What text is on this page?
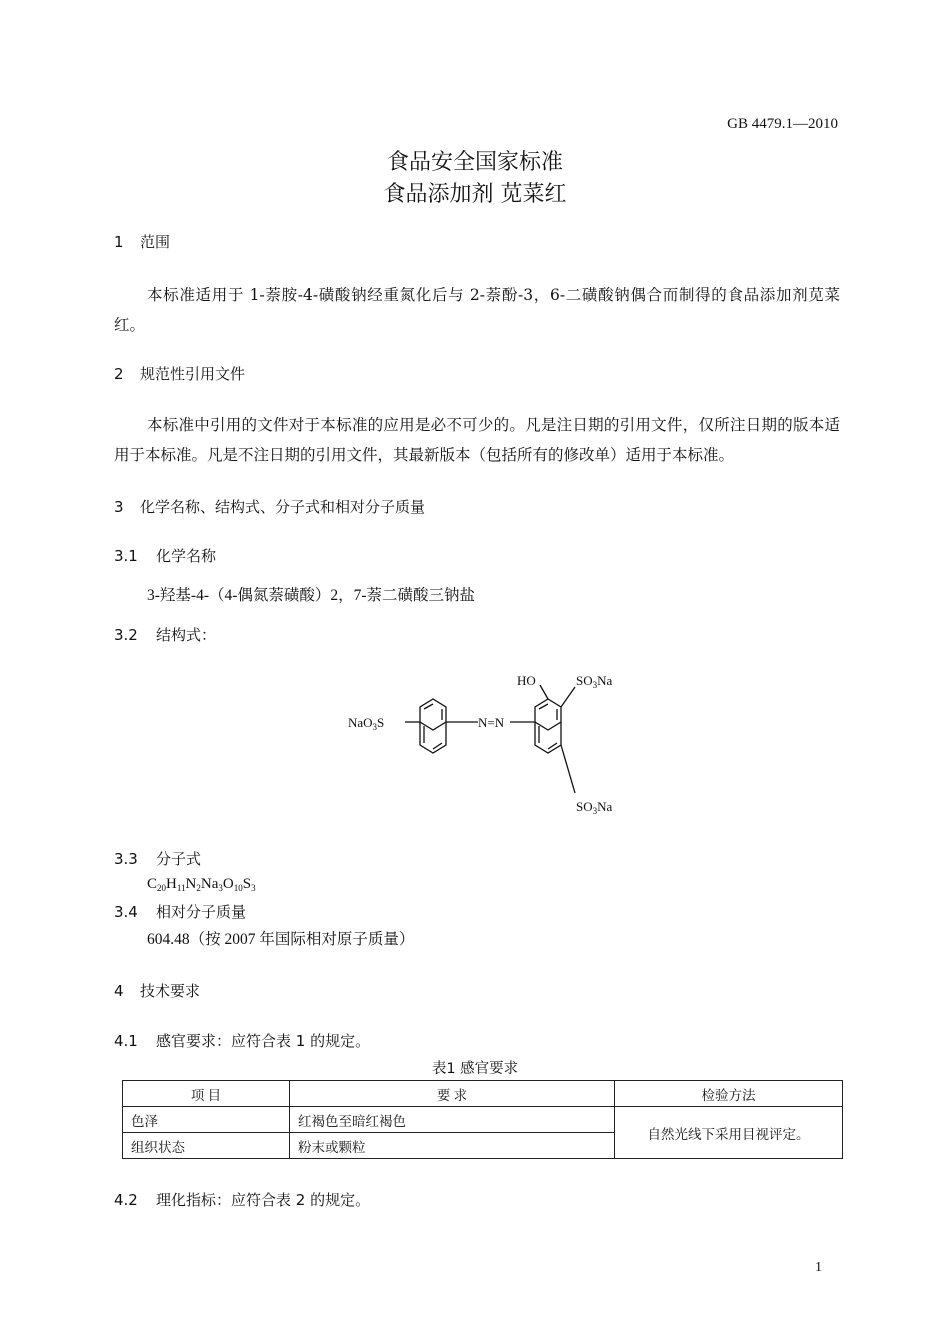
GB 4479.1—2010
食品安全国家标准
食品添加剂 苋菜红
1 范围
本标准适用于 1-萘胺-4-磺酸钠经重氮化后与 2-萘酚-3，6-二磺酸钠偶合而制得的食品添加剂苋菜红。
2 规范性引用文件
本标准中引用的文件对于本标准的应用是必不可少的。凡是注日期的引用文件，仅所注日期的版本适用于本标准。凡是不注日期的引用文件，其最新版本（包括所有的修改单）适用于本标准。
3 化学名称、结构式、分子式和相对分子质量
3.1 化学名称
3-羟基-4-（4-偶氮萘磺酸）2，7-萘二磺酸三钠盐
3.2 结构式：
NaO$_3$S	N=N
HO	$SO_3Na$
$SO_3Na$
3.3 分子式
$C_{20}H_{11}N_2Na_3O_{10}S_3$
3.4 相对分子质量
604.48（按 2007 年国际相对原子质量）
4 技术要求
4.1 感官要求：应符合表 1 的规定。
表1 感官要求
项 目	要 求	检验方法
色泽	红褐色至暗红褐色	自然光线下采用目视评定。
组织状态	粉末或颗粒	
4.2 理化指标：应符合表 2 的规定。
1
